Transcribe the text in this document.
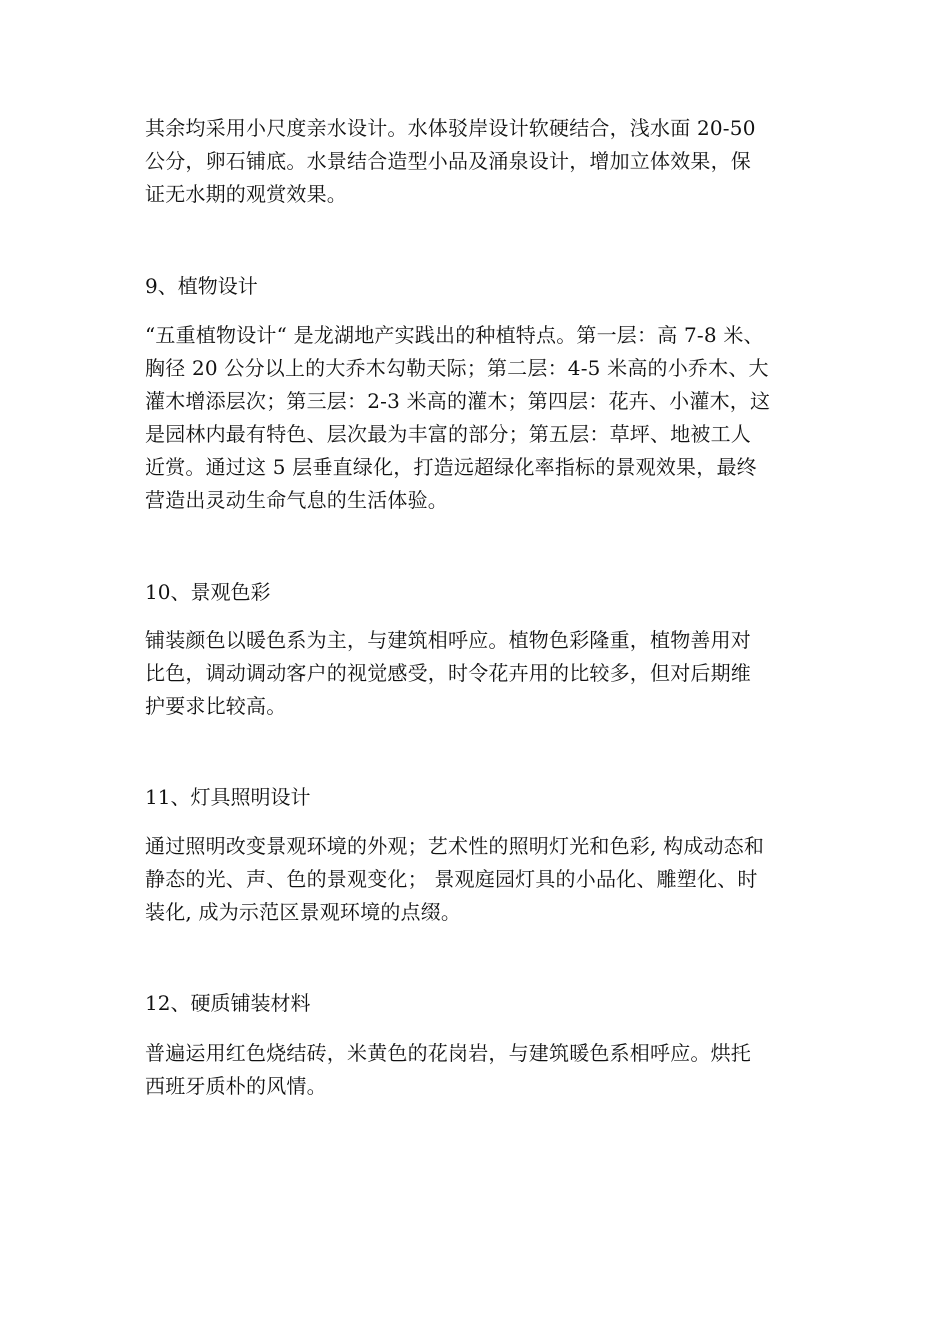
其余均采用小尺度亲水设计。水体驳岸设计软硬结合，浅水面 20-50
公分，卵石铺底。水景结合造型小品及涌泉设计，增加立体效果，保
证无水期的观赏效果。
9、植物设计
“五重植物设计“ 是龙湖地产实践出的种植特点。第一层：高 7-8 米、
胸径 20 公分以上的大乔木勾勒天际；第二层：4-5 米高的小乔木、大
灌木增添层次；第三层：2-3 米高的灌木；第四层：花卉、小灌木，这
是园林内最有特色、层次最为丰富的部分；第五层：草坪、地被工人
近赏。通过这 5 层垂直绿化，打造远超绿化率指标的景观效果，最终
营造出灵动生命气息的生活体验。
10、景观色彩
铺装颜色以暖色系为主，与建筑相呼应。植物色彩隆重，植物善用对
比色，调动调动客户的视觉感受，时令花卉用的比较多，但对后期维
护要求比较高。
11、灯具照明设计
通过照明改变景观环境的外观；艺术性的照明灯光和色彩, 构成动态和
静态的光、声、色的景观变化； 景观庭园灯具的小品化、雕塑化、时
装化, 成为示范区景观环境的点缀。
12、硬质铺装材料
普遍运用红色烧结砖，米黄色的花岗岩，与建筑暖色系相呼应。烘托
西班牙质朴的风情。
